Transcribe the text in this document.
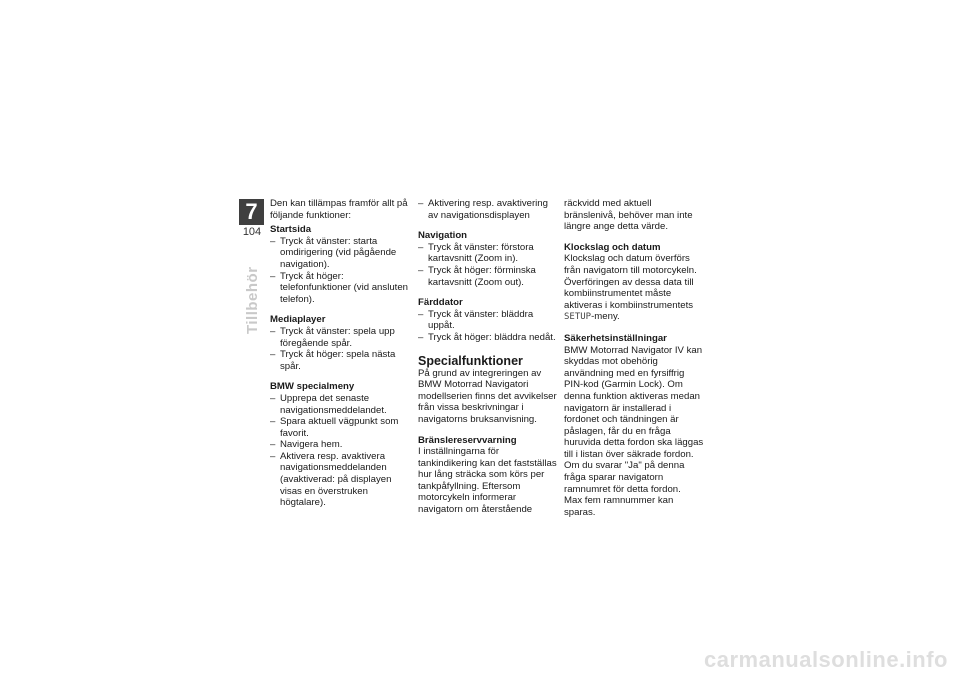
7
104
Tillbehör

Den kan tillämpas framför allt på följande funktioner:

Startsida

– Tryck åt vänster: starta omdirigering (vid pågående navigation).

– Tryck åt höger: telefonfunktioner (vid ansluten telefon).

Mediaplayer

– Tryck åt vänster: spela upp föregående spår.

– Tryck åt höger: spela nästa spår.

BMW specialmeny

– Upprepa det senaste navigationsmeddelandet.

– Spara aktuell vägpunkt som favorit.

– Navigera hem.

– Aktivera resp. avaktivera navigationsmeddelanden (avaktiverad: på displayen visas en överstruken högtalare).

– Aktivering resp. avaktivering av navigationsdisplayen

Navigation

– Tryck åt vänster: förstora kartavsnitt (Zoom in).

– Tryck åt höger: förminska kartavsnitt (Zoom out).

Färddator

– Tryck åt vänster: bläddra uppåt.

– Tryck åt höger: bläddra nedåt.

Specialfunktioner

På grund av integreringen av BMW Motorrad Navigatori modellserien finns det avvikelser från vissa beskrivningar i navigatorns bruksanvisning.

Bränslereservvarning

I inställningarna för tankindikering kan det fastställas hur lång sträcka som körs per tankpåfyllning. Eftersom motorcykeln informerar navigatorn om återstående

räckvidd med aktuell bränslenivå, behöver man inte längre ange detta värde.

Klockslag och datum

Klockslag och datum överförs från navigatorn till motorcykeln. Överföringen av dessa data till kombiinstrumentet måste aktiveras i kombiinstrumentets SETUP-meny.

Säkerhetsinställningar

BMW Motorrad Navigator IV kan skyddas mot obehörig användning med en fyrsiffrig PIN-kod (Garmin Lock). Om denna funktion aktiveras medan navigatorn är installerad i fordonet och tändningen är påslagen, får du en fråga huruvida detta fordon ska läggas till i listan över säkrade fordon. Om du svarar "Ja" på denna fråga sparar navigatorn ramnumret för detta fordon.

Max fem ramnummer kan sparas.

carmanualsonline.info
